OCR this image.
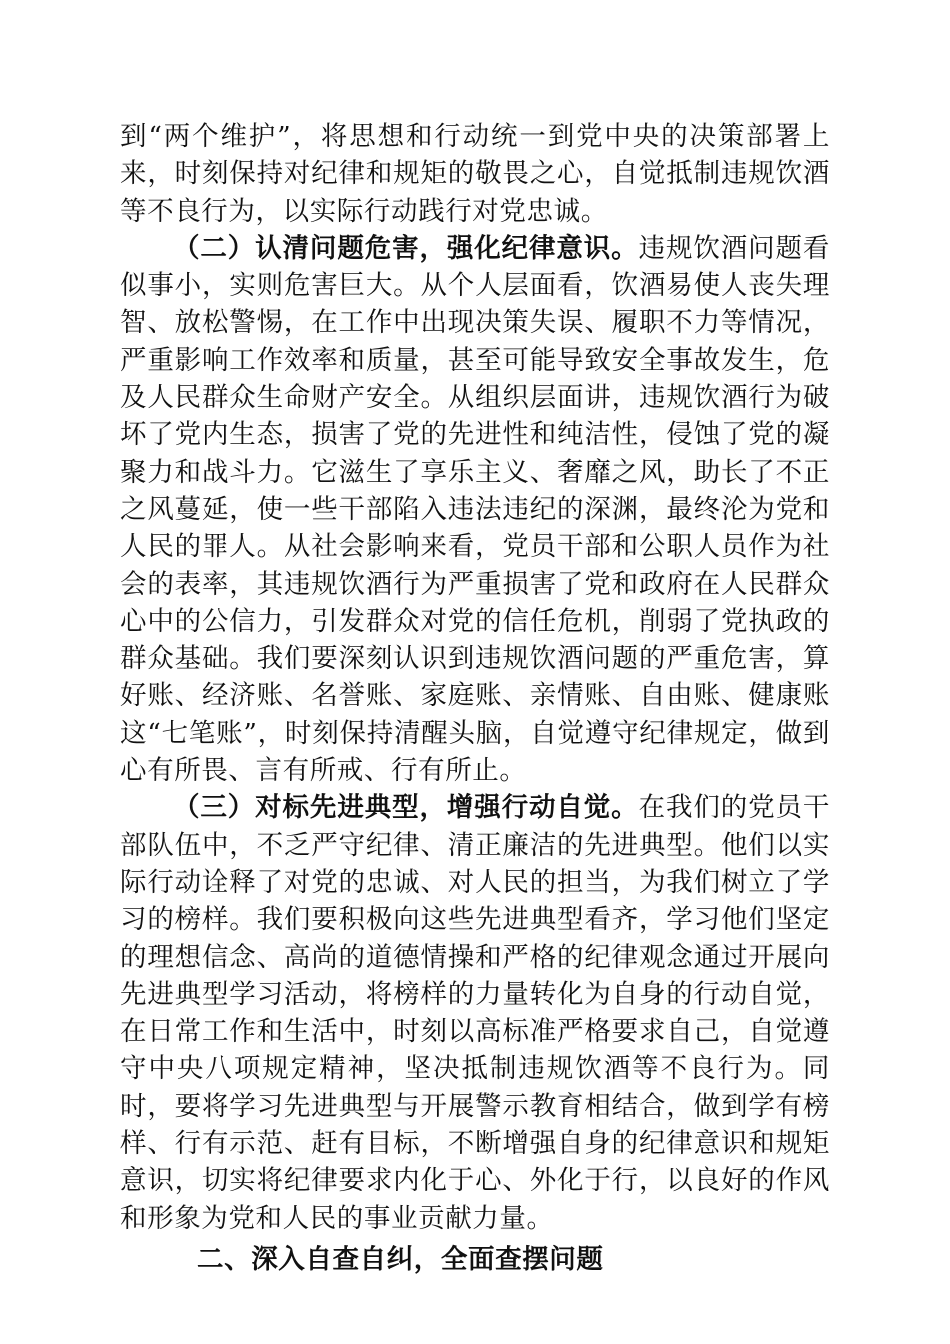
到“两个维护”，将思想和行动统一到党中央的决策部署上来，时刻保持对纪律和规矩的敬畏之心，自觉抵制违规饮酒等不良行为，以实际行动践行对党忠诚。

（二）认清问题危害，强化纪律意识。违规饮酒问题看似事小，实则危害巨大。从个人层面看，饮酒易使人丧失理智、放松警惕，在工作中出现决策失误、履职不力等情况，严重影响工作效率和质量，甚至可能导致安全事故发生，危及人民群众生命财产安全。从组织层面讲，违规饮酒行为破坏了党内生态，损害了党的先进性和纯洁性，侵蚀了党的凝聚力和战斗力。它滋生了享乐主义、奢靡之风，助长了不正之风蔓延，使一些干部陷入违法违纪的深渊，最终沦为党和人民的罪人。从社会影响来看，党员干部和公职人员作为社会的表率，其违规饮酒行为严重损害了党和政府在人民群众心中的公信力，引发群众对党的信任危机，削弱了党执政的群众基础。我们要深刻认识到违规饮酒问题的严重危害，算好账、经济账、名誉账、家庭账、亲情账、自由账、健康账这“七笔账”，时刻保持清醒头脑，自觉遵守纪律规定，做到心有所畏、言有所戒、行有所止。

（三）对标先进典型，增强行动自觉。在我们的党员干部队伍中，不乏严守纪律、清正廉洁的先进典型。他们以实际行动诠释了对党的忠诚、对人民的担当，为我们树立了学习的榜样。我们要积极向这些先进典型看齐，学习他们坚定的理想信念、高尚的道德情操和严格的纪律观念通过开展向先进典型学习活动，将榜样的力量转化为自身的行动自觉，在日常工作和生活中，时刻以高标准严格要求自己，自觉遵守中央八项规定精神，坚决抵制违规饮酒等不良行为。同时，要将学习先进典型与开展警示教育相结合，做到学有榜样、行有示范、赶有目标，不断增强自身的纪律意识和规矩意识，切实将纪律要求内化于心、外化于行，以良好的作风和形象为党和人民的事业贡献力量。

二、深入自查自纠，全面查摆问题
